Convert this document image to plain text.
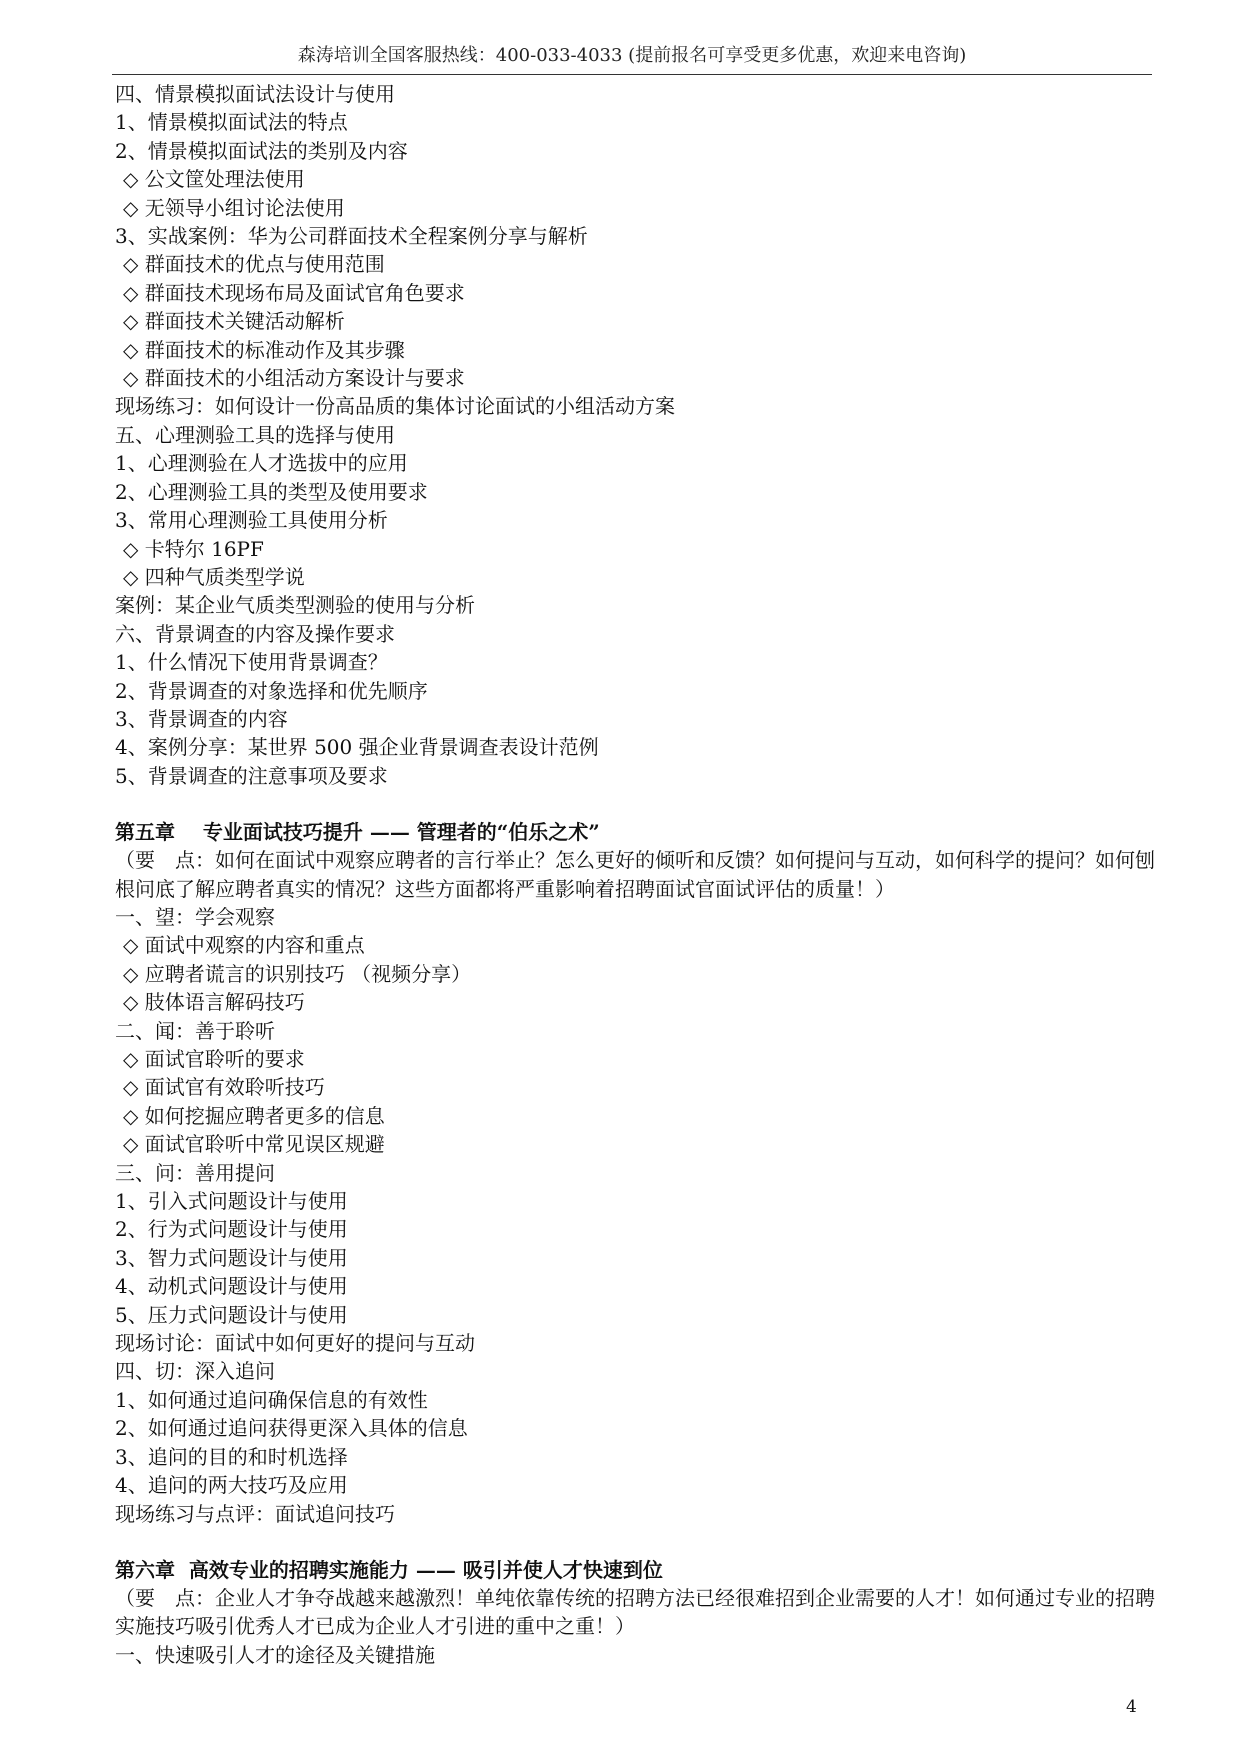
森涛培训全国客服热线：400-033-4033 (提前报名可享受更多优惠，欢迎来电咨询)
四、情景模拟面试法设计与使用
1、情景模拟面试法的特点
2、情景模拟面试法的类别及内容
◇ 公文筐处理法使用
◇ 无领导小组讨论法使用
3、实战案例：华为公司群面技术全程案例分享与解析
◇ 群面技术的优点与使用范围
◇ 群面技术现场布局及面试官角色要求
◇ 群面技术关键活动解析
◇ 群面技术的标准动作及其步骤
◇ 群面技术的小组活动方案设计与要求
现场练习：如何设计一份高品质的集体讨论面试的小组活动方案
五、心理测验工具的选择与使用
1、心理测验在人才选拔中的应用
2、心理测验工具的类型及使用要求
3、常用心理测验工具使用分析
◇ 卡特尔 16PF
◇ 四种气质类型学说
案例：某企业气质类型测验的使用与分析
六、背景调查的内容及操作要求
1、什么情况下使用背景调查？
2、背景调查的对象选择和优先顺序
3、背景调查的内容
4、案例分享：某世界 500 强企业背景调查表设计范例
5、背景调查的注意事项及要求
第五章    专业面试技巧提升 —— 管理者的“伯乐之术”
（要　点：如何在面试中观察应聘者的言行举止？怎么更好的倾听和反馈？如何提问与互动，如何科学的提问？如何刨根问底了解应聘者真实的情况？这些方面都将严重影响着招聘面试官面试评估的质量！）
一、望：学会观察
◇ 面试中观察的内容和重点
◇ 应聘者谎言的识别技巧 （视频分享）
◇ 肢体语言解码技巧
二、闻：善于聆听
◇ 面试官聆听的要求
◇ 面试官有效聆听技巧
◇ 如何挖掘应聘者更多的信息
◇ 面试官聆听中常见误区规避
三、问：善用提问
1、引入式问题设计与使用
2、行为式问题设计与使用
3、智力式问题设计与使用
4、动机式问题设计与使用
5、压力式问题设计与使用
现场讨论：面试中如何更好的提问与互动
四、切：深入追问
1、如何通过追问确保信息的有效性
2、如何通过追问获得更深入具体的信息
3、追问的目的和时机选择
4、追问的两大技巧及应用
现场练习与点评：面试追问技巧
第六章  高效专业的招聘实施能力 —— 吸引并使人才快速到位
（要　点：企业人才争夺战越来越激烈！单纯依靠传统的招聘方法已经很难招到企业需要的人才！如何通过专业的招聘实施技巧吸引优秀人才已成为企业人才引进的重中之重！）
一、快速吸引人才的途径及关键措施
4
